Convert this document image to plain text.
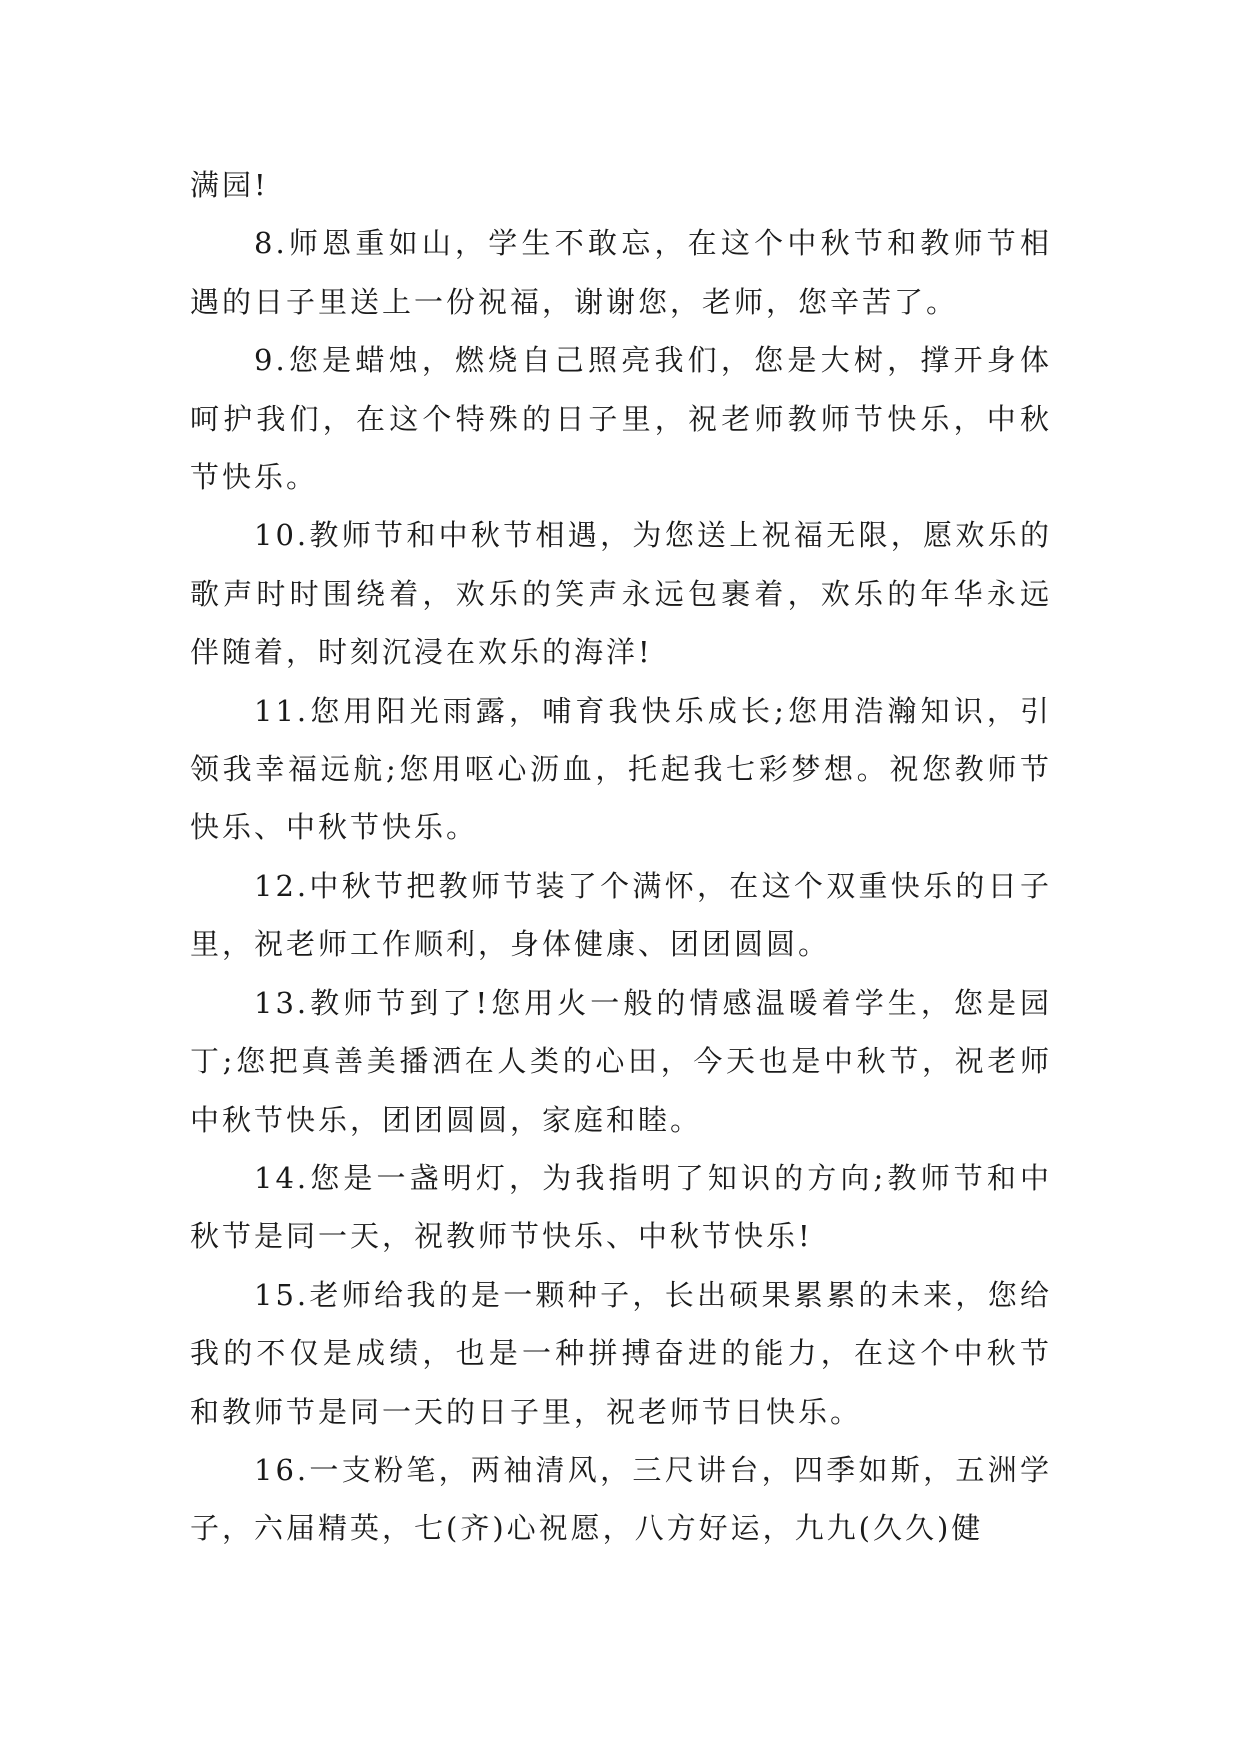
满园!

8.师恩重如山，学生不敢忘，在这个中秋节和教师节相遇的日子里送上一份祝福，谢谢您，老师，您辛苦了。

9.您是蜡烛，燃烧自己照亮我们，您是大树，撑开身体呵护我们，在这个特殊的日子里，祝老师教师节快乐，中秋节快乐。

10.教师节和中秋节相遇，为您送上祝福无限，愿欢乐的歌声时时围绕着，欢乐的笑声永远包裹着，欢乐的年华永远伴随着，时刻沉浸在欢乐的海洋!

11.您用阳光雨露，哺育我快乐成长;您用浩瀚知识，引领我幸福远航;您用呕心沥血，托起我七彩梦想。祝您教师节快乐、中秋节快乐。

12.中秋节把教师节装了个满怀，在这个双重快乐的日子里，祝老师工作顺利，身体健康、团团圆圆。

13.教师节到了!您用火一般的情感温暖着学生，您是园丁;您把真善美播洒在人类的心田，今天也是中秋节，祝老师中秋节快乐，团团圆圆，家庭和睦。

14.您是一盏明灯，为我指明了知识的方向;教师节和中秋节是同一天，祝教师节快乐、中秋节快乐!

15.老师给我的是一颗种子，长出硕果累累的未来，您给我的不仅是成绩，也是一种拼搏奋进的能力，在这个中秋节和教师节是同一天的日子里，祝老师节日快乐。

16.一支粉笔，两袖清风，三尺讲台，四季如斯，五洲学子，六届精英，七(齐)心祝愿，八方好运，九九(久久)健
